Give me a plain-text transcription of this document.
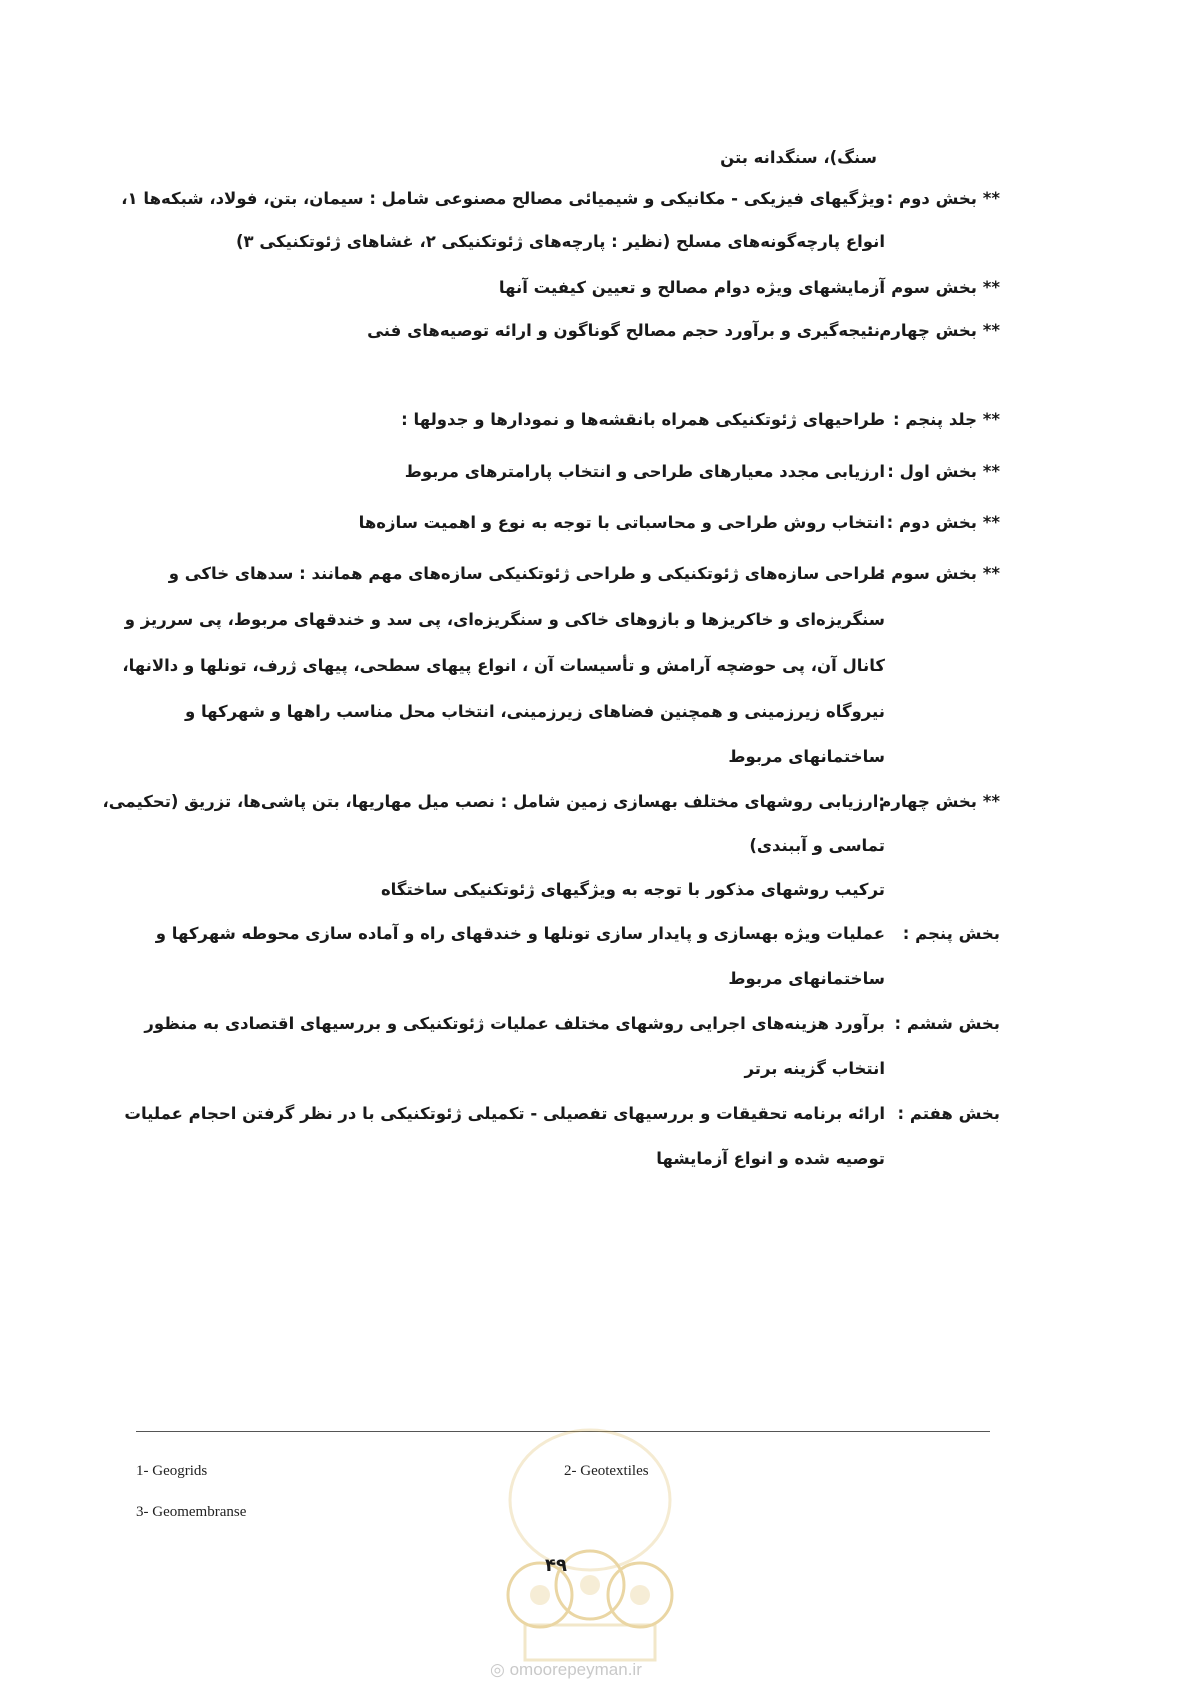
سنگ)، سنگدانه بتن
** بخش دوم :
ویژگیهای فیزیکی - مکانیکی و شیمیائی مصالح مصنوعی شامل : سیمان، بتن، فولاد، شبکه‌ها ۱،
انواع پارچه‌گونه‌های مسلح (نظیر : پارچه‌های ژئوتکنیکی ۲، غشاهای ژئوتکنیکی ۳)
** بخش سوم :
آزمایشهای ویژه دوام مصالح و تعیین کیفیت آنها
** بخش چهارم :
نتیجه‌گیری و برآورد حجم مصالح گوناگون و ارائه توصیه‌های فنی
** جلد پنجم :
طراحیهای ژئوتکنیکی همراه بانقشه‌ها و نمودارها و جدولها :
** بخش اول :
ارزیابی مجدد معیارهای طراحی و انتخاب پارامترهای مربوط
** بخش دوم :
انتخاب روش طراحی و محاسباتی با توجه به نوع و اهمیت سازه‌ها
** بخش سوم :
طراحی سازه‌های ژئوتکنیکی و طراحی ژئوتکنیکی سازه‌های مهم همانند : سدهای خاکی و
سنگریزه‌ای و خاکریزها و بازوهای خاکی و سنگریزه‌ای، پی سد و خندقهای مربوط، پی سرریز و
کانال آن، پی حوضچه آرامش و تأسیسات آن ، انواع پیهای سطحی، پیهای ژرف، تونلها و دالانها،
نیروگاه زیرزمینی و همچنین فضاهای زیرزمینی، انتخاب محل مناسب راهها و شهرکها و
ساختمانهای مربوط
** بخش چهارم
:ارزیابی روشهای مختلف بهسازی زمین شامل : نصب میل مهاریها، بتن پاشی‌ها، تزریق (تحکیمی،
تماسی و آببندی)
ترکیب روشهای مذکور با توجه به ویژگیهای ژئوتکنیکی ساختگاه
بخش پنجم :
عملیات ویژه بهسازی و پایدار سازی تونلها و خندقهای راه و آماده سازی محوطه شهرکها و
ساختمانهای مربوط
بخش ششم :
برآورد هزینه‌های اجرایی روشهای مختلف عملیات ژئوتکنیکی و بررسیهای اقتصادی به منظور
انتخاب گزینه برتر
بخش هفتم :
ارائه برنامه تحقیقات و بررسیهای تفصیلی - تکمیلی ژئوتکنیکی با در نظر گرفتن احجام عملیات
توصیه شده و انواع آزمایشها
1- Geogrids	2- Geotextiles
3- Geomembranse
۴۹
◎ omoorepeyman.ir
